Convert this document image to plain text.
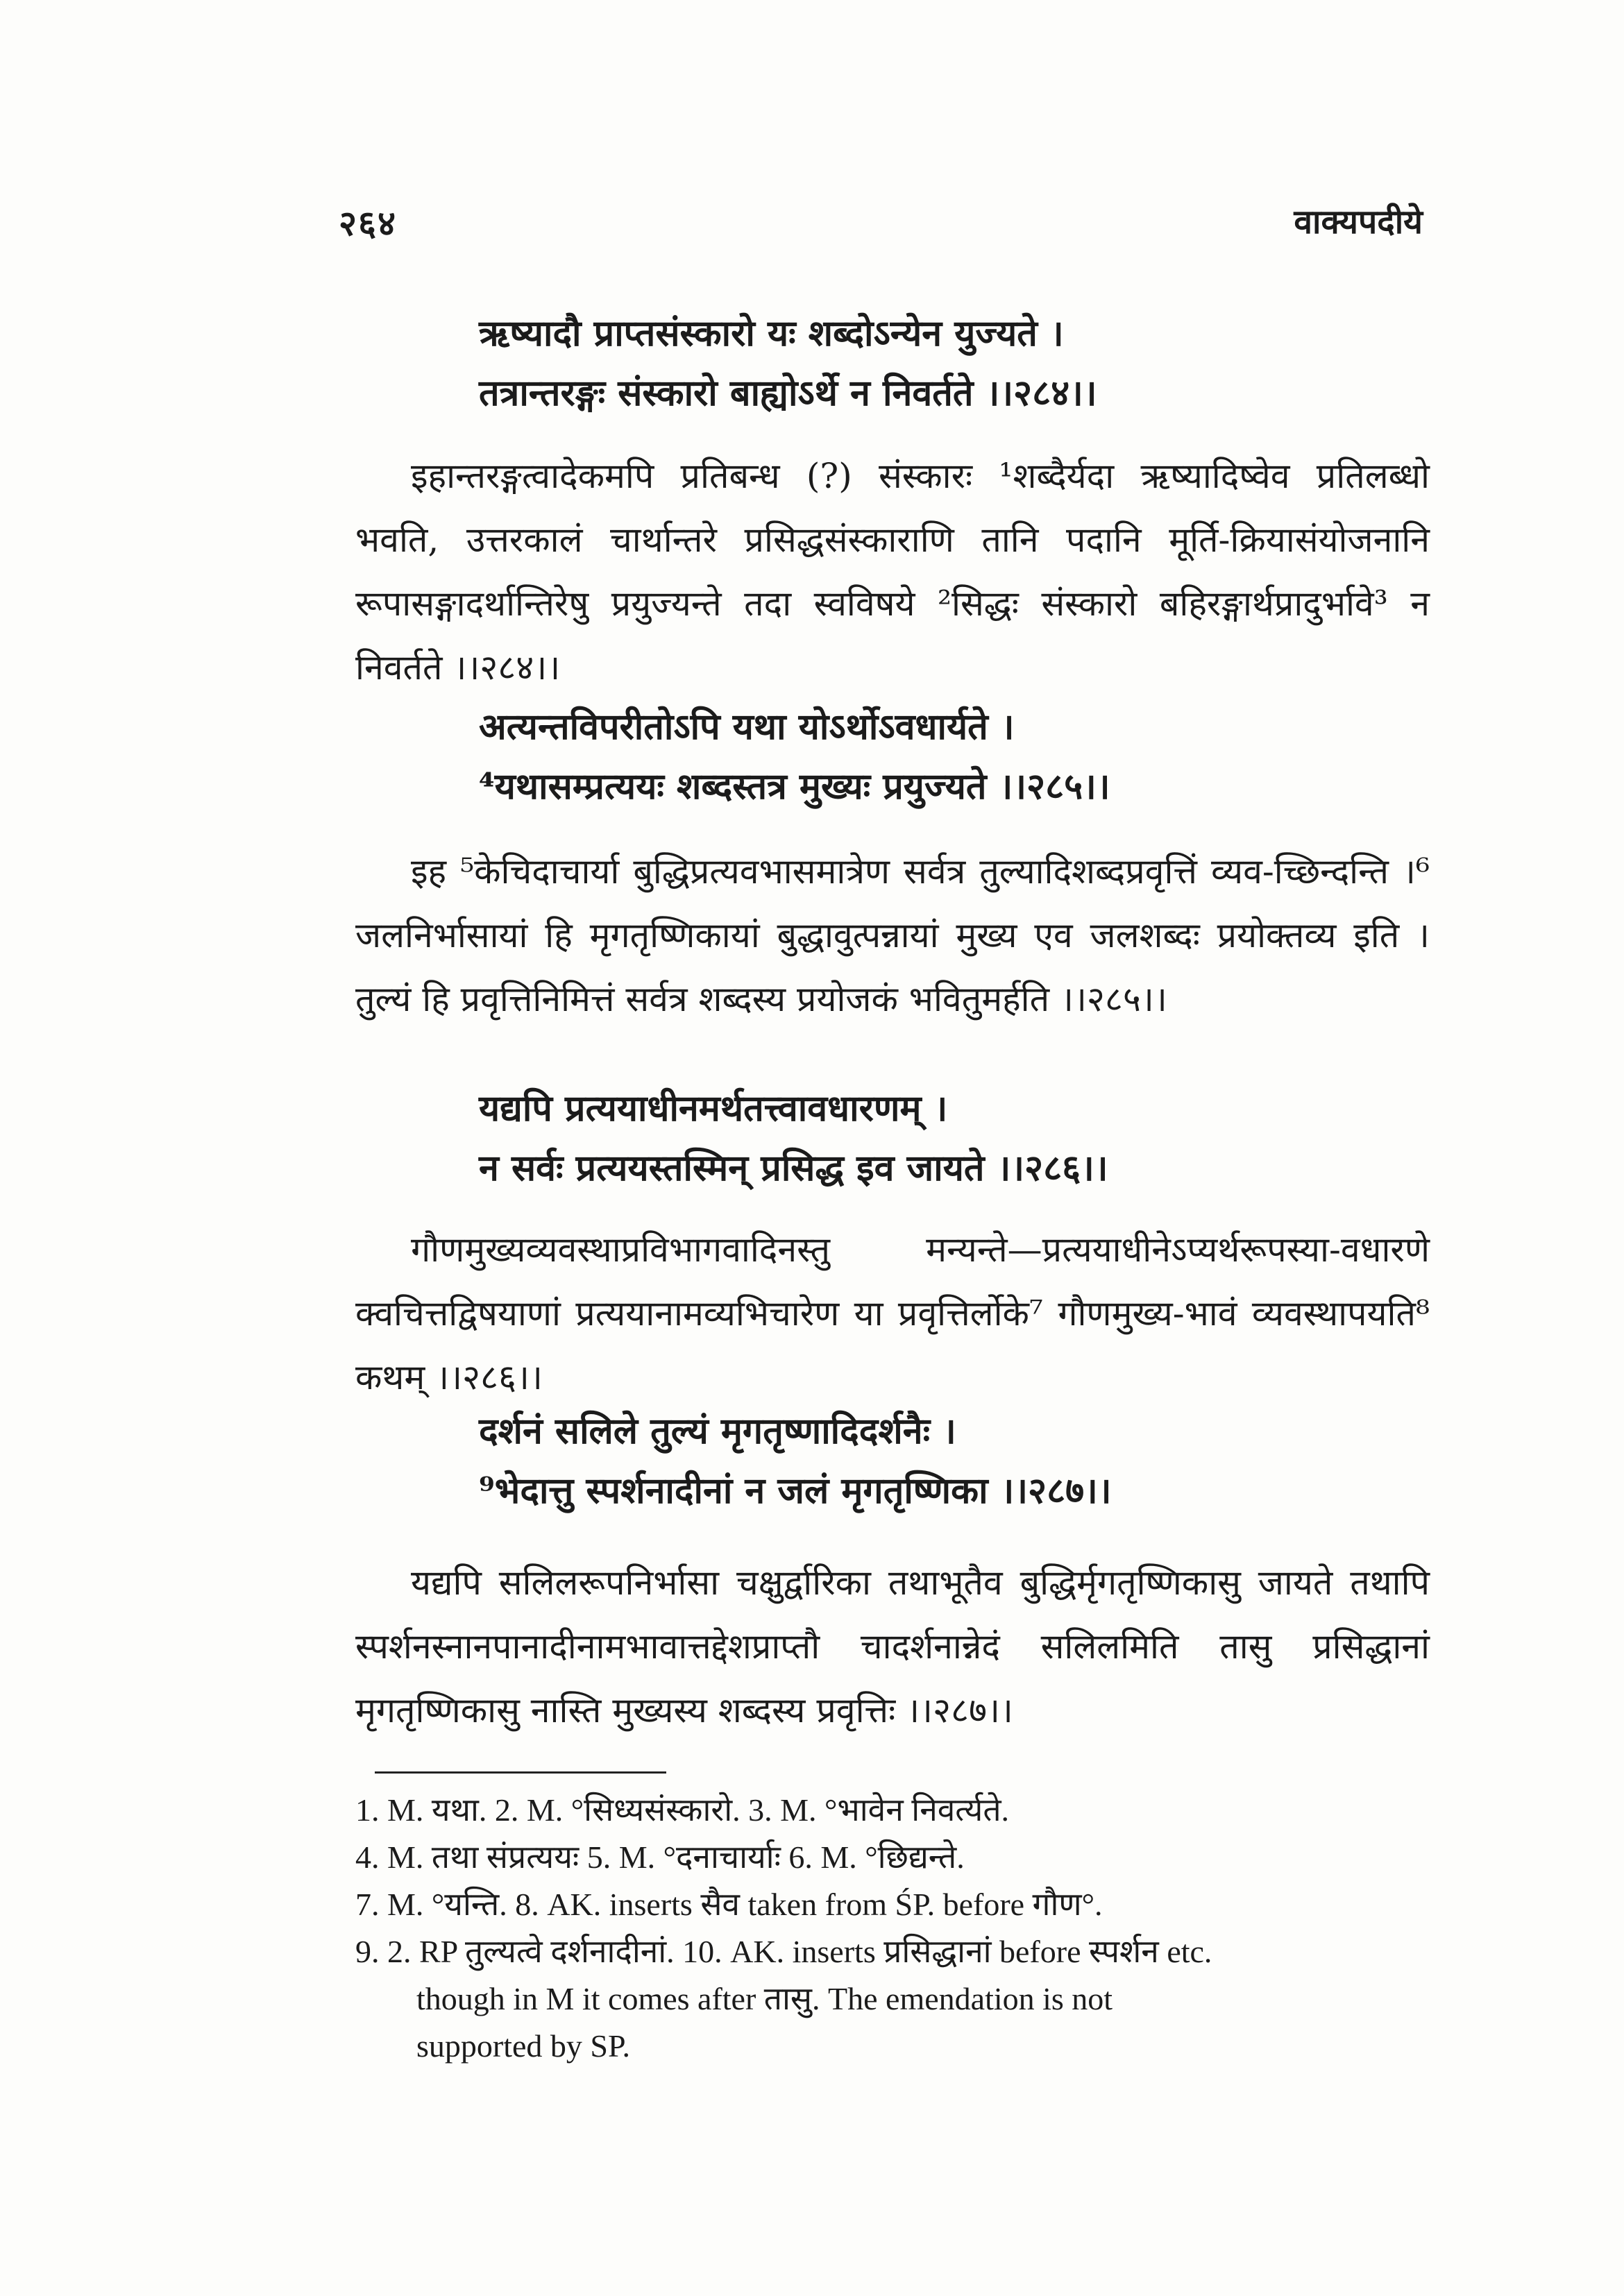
२६४	वाक्यपदीये
ऋष्यादौ प्राप्तसंस्कारो यः शब्दोऽन्येन युज्यते ।
तत्रान्तरङ्गः संस्कारो बाह्योऽर्थे न निवर्तते ।।२८४।।

इहान्तरङ्गत्वादेकमपि प्रतिबन्ध (?) संस्कारः ¹शब्दैर्यदा ऋष्यादिष्वेव प्रतिलब्धो भवति, उत्तरकालं चार्थान्तरे प्रसिद्धसंस्काराणि तानि पदानि मूर्ति-क्रियासंयोजनानि रूपासङ्गादर्थान्तिरेषु प्रयुज्यन्ते तदा स्वविषये ²सिद्धः संस्कारो बहिरङ्गार्थप्रादुर्भावे³ न निवर्तते ।।२८४।।

अत्यन्तविपरीतोऽपि यथा योऽर्थोऽवधार्यते ।
⁴यथासम्प्रत्ययः शब्दस्तत्र मुख्यः प्रयुज्यते ।।२८५।।

इह ⁵केचिदाचार्या बुद्धिप्रत्यवभासमात्रेण सर्वत्र तुल्यादिशब्दप्रवृत्तिं व्यव-च्छिन्दन्ति ।⁶ जलनिर्भासायां हि मृगतृष्णिकायां बुद्धावुत्पन्नायां मुख्य एव जलशब्दः प्रयोक्तव्य इति । तुल्यं हि प्रवृत्तिनिमित्तं सर्वत्र शब्दस्य प्रयोजकं भवितुमर्हति ।।२८५।।

यद्यपि प्रत्ययाधीनमर्थतत्त्वावधारणम् ।
न सर्वः प्रत्ययस्तस्मिन् प्रसिद्ध इव जायते ।।२८६।।

गौणमुख्यव्यवस्थाप्रविभागवादिनस्तु मन्यन्ते—प्रत्ययाधीनेऽप्यर्थरूपस्या-वधारणे क्वचित्तद्विषयाणां प्रत्ययानामव्यभिचारेण या प्रवृत्तिर्लोके⁷ गौणमुख्य-भावं व्यवस्थापयति⁸ कथम् ।।२८६।।

दर्शनं सलिले तुल्यं मृगतृष्णादिदर्शनैः ।
⁹भेदात्तु स्पर्शनादीनां न जलं मृगतृष्णिका ।।२८७।।

यद्यपि सलिलरूपनिर्भासा चक्षुर्द्वारिका तथाभूतैव बुद्धिर्मृगतृष्णिकासु जायते तथापि स्पर्शनस्नानपानादीनामभावात्तद्देशप्राप्तौ चादर्शनान्नेदं सलिलमिति तासु प्रसिद्धानां मृगतृष्णिकासु नास्ति मुख्यस्य शब्दस्य प्रवृत्तिः ।।२८७।।

1. M. यथा. 2. M. °सिध्यसंस्कारो. 3. M. °भावेन निवर्त्यते.
4. M. तथा संप्रत्ययः 5. M. °दनाचार्याः 6. M. °छिद्यन्ते.
7. M. °यन्ति. 8. AK. inserts सैव taken from ŚP. before गौण°.
9. 2. RP तुल्यत्वे दर्शनादीनां. 10. AK. inserts प्रसिद्धानां before स्पर्शन etc.
though in M it comes after तासु. The emendation is not
supported by SP.
